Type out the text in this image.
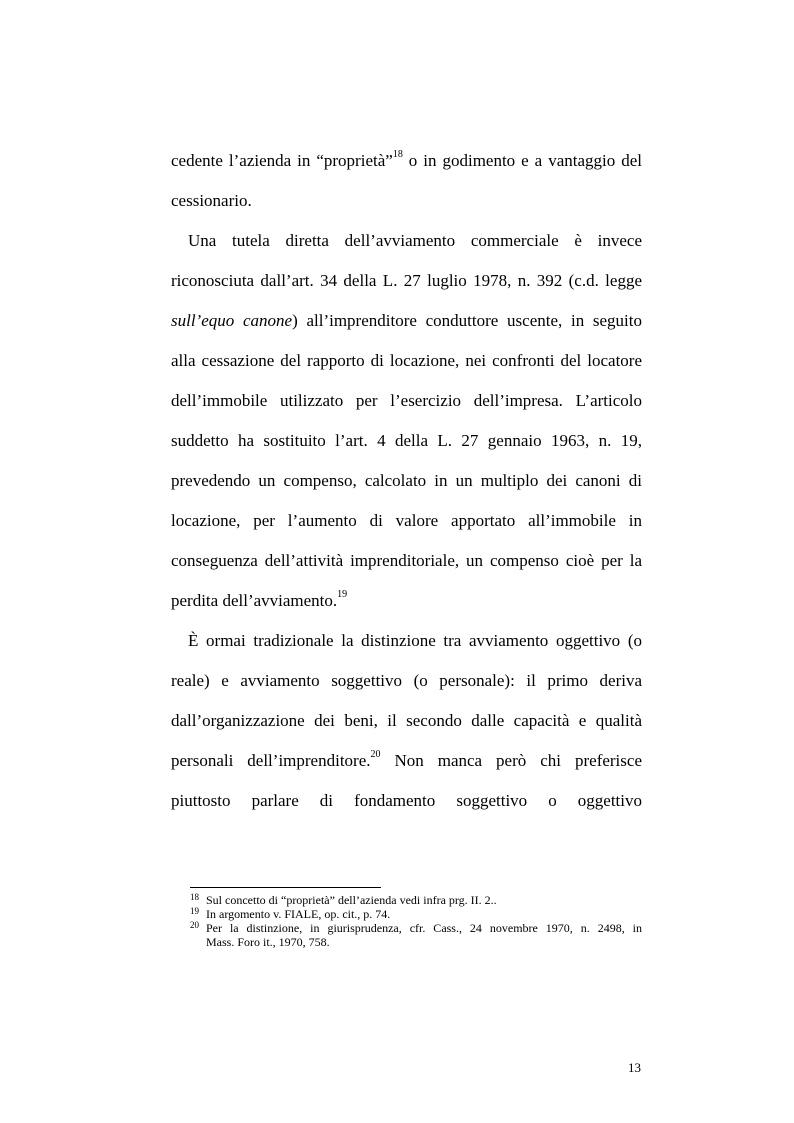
cedente l’azienda in “proprietà”$^{18}$ o in godimento e a vantaggio del
cessionario.
Una tutela diretta dell’avviamento commerciale è invece
riconosciuta dall’art. 34 della L. 27 luglio 1978, n. 392 (c.d. legge
sull’equo canone) all’imprenditore conduttore uscente, in seguito
alla cessazione del rapporto di locazione, nei confronti del locatore
dell’immobile utilizzato per l’esercizio dell’impresa. L’articolo
suddetto ha sostituito l’art. 4 della L. 27 gennaio 1963, n. 19,
prevedendo un compenso, calcolato in un multiplo dei canoni di
locazione, per l’aumento di valore apportato all’immobile in
conseguenza dell’attività imprenditoriale, un compenso cioè per la
perdita dell’avviamento.$^{19}$
È ormai tradizionale la distinzione tra avviamento oggettivo (o
reale) e avviamento soggettivo (o personale): il primo deriva
dall’organizzazione dei beni, il secondo dalle capacità e qualità
personali dell’imprenditore.$^{20}$ Non manca però chi preferisce
piuttosto parlare di fondamento soggettivo o oggettivo
18 Sul concetto di “proprietà” dell’azienda vedi infra prg. II. 2..
19 In argomento v. FIALE, op. cit., p. 74.
20 Per la distinzione, in giurisprudenza, cfr. Cass., 24 novembre 1970, n. 2498, in
Mass. Foro it., 1970, 758.
13
